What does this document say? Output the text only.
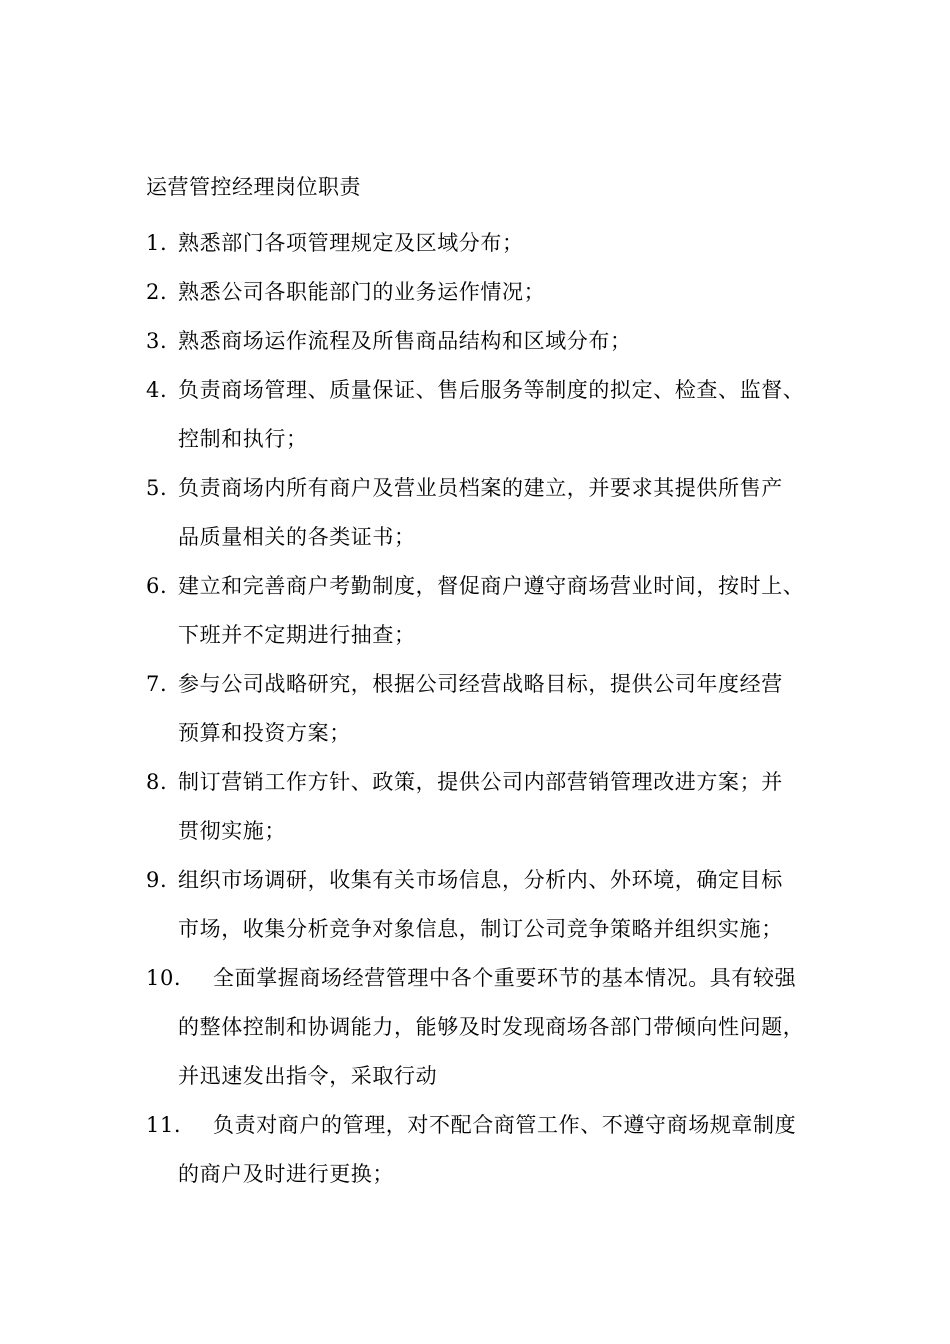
运营管控经理岗位职责
1. 熟悉部门各项管理规定及区域分布；
2. 熟悉公司各职能部门的业务运作情况；
3. 熟悉商场运作流程及所售商品结构和区域分布；
4. 负责商场管理、质量保证、售后服务等制度的拟定、检查、监督、
控制和执行；
5. 负责商场内所有商户及营业员档案的建立，并要求其提供所售产
品质量相关的各类证书；
6. 建立和完善商户考勤制度，督促商户遵守商场营业时间，按时上、
下班并不定期进行抽查；
7. 参与公司战略研究，根据公司经营战略目标，提供公司年度经营
预算和投资方案；
8. 制订营销工作方针、政策，提供公司内部营销管理改进方案；并
贯彻实施；
9. 组织市场调研，收集有关市场信息，分析内、外环境，确定目标
市场，收集分析竞争对象信息，制订公司竞争策略并组织实施；
10.	全面掌握商场经营管理中各个重要环节的基本情况。具有较强
的整体控制和协调能力，能够及时发现商场各部门带倾向性问题，
并迅速发出指令，采取行动
11.	负责对商户的管理，对不配合商管工作、不遵守商场规章制度
的商户及时进行更换；
